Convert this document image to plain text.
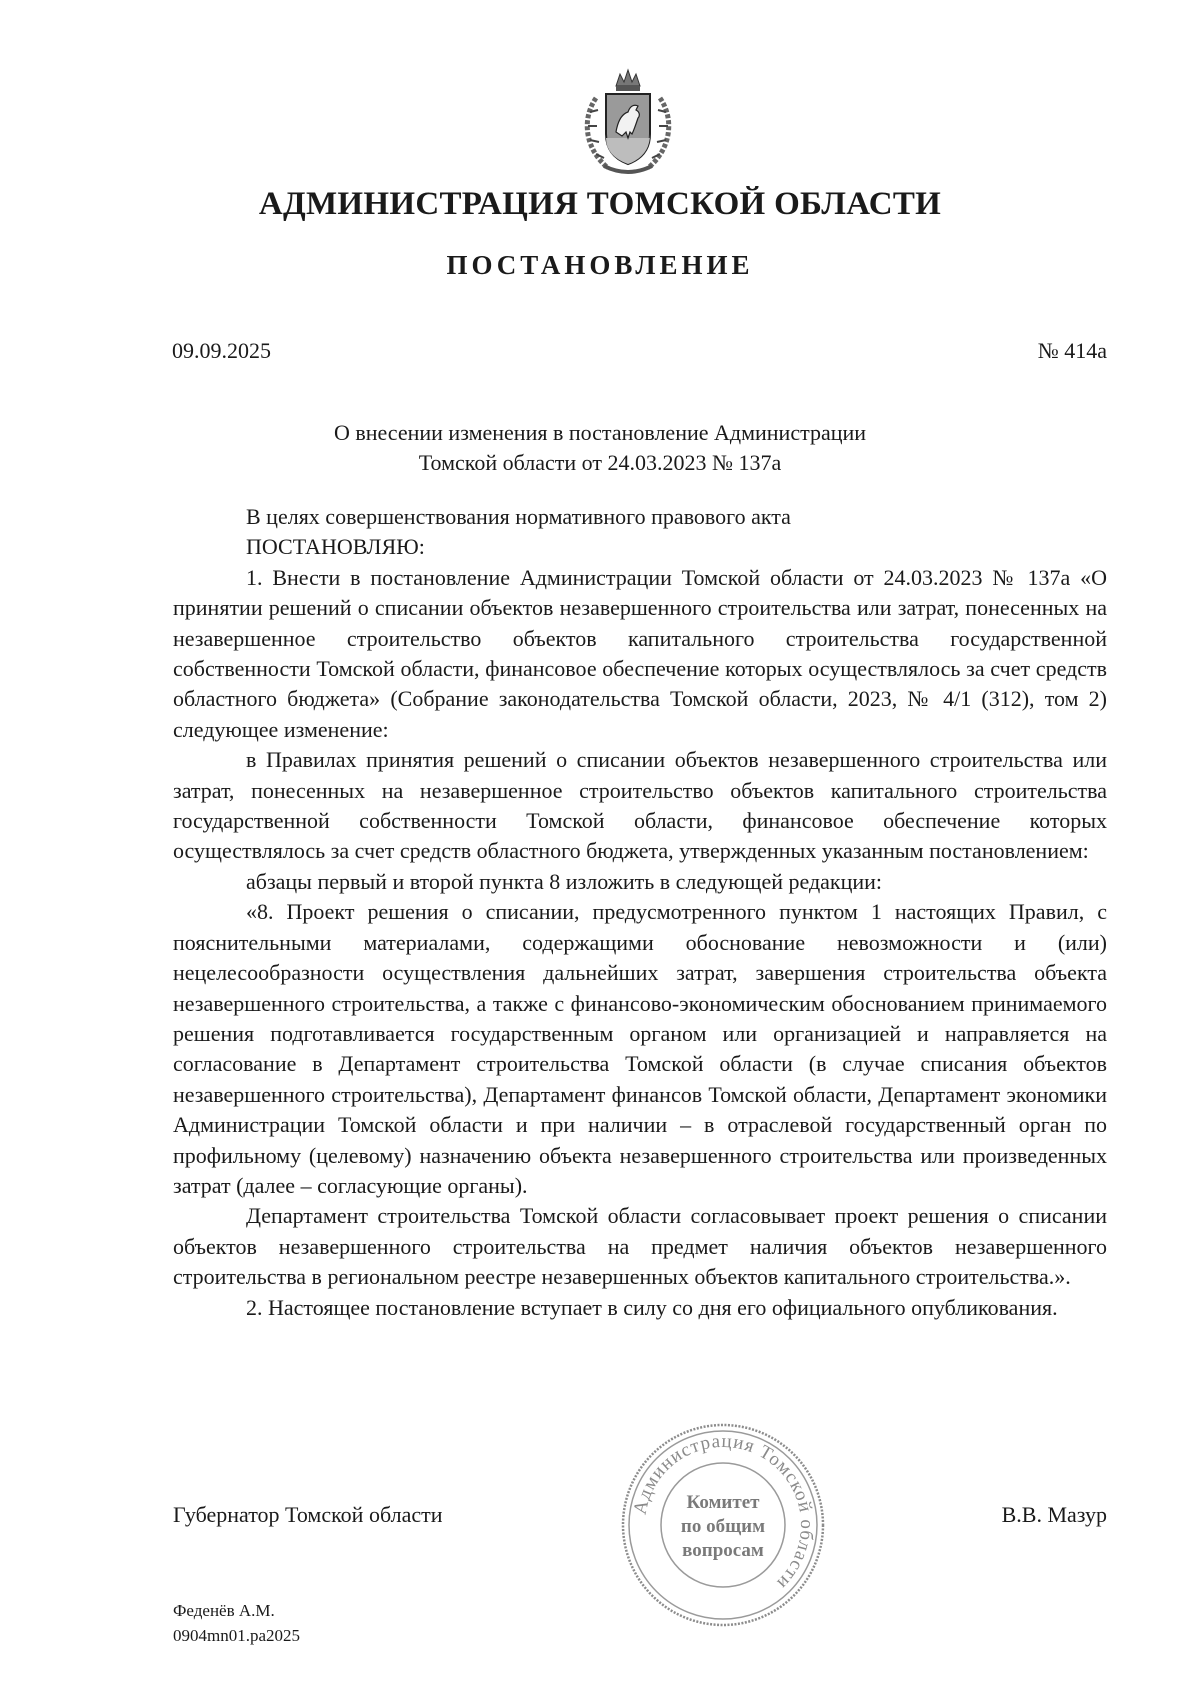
АДМИНИСТРАЦИЯ ТОМСКОЙ ОБЛАСТИ
ПОСТАНОВЛЕНИЕ
09.09.2025	№ 414а
О внесении изменения в постановление Администрации
Томской области от 24.03.2023 № 137а

В целях совершенствования нормативного правового акта

ПОСТАНОВЛЯЮ:

1. Внести в постановление Администрации Томской области от 24.03.2023 № 137а «О принятии решений о списании объектов незавершенного строительства или затрат, понесенных на незавершенное строительство объектов капитального строительства государственной собственности Томской области, финансовое обеспечение которых осуществлялось за счет средств областного бюджета» (Собрание законодательства Томской области, 2023, № 4/1 (312), том 2) следующее изменение:

в Правилах принятия решений о списании объектов незавершенного строительства или затрат, понесенных на незавершенное строительство объектов капитального строительства государственной собственности Томской области, финансовое обеспечение которых осуществлялось за счет средств областного бюджета, утвержденных указанным постановлением:

абзацы первый и второй пункта 8 изложить в следующей редакции:

«8. Проект решения о списании, предусмотренного пунктом 1 настоящих Правил, с пояснительными материалами, содержащими обоснование невозможности и (или) нецелесообразности осуществления дальнейших затрат, завершения строительства объекта незавершенного строительства, а также с финансово-экономическим обоснованием принимаемого решения подготавливается государственным органом или организацией и направляется на согласование в Департамент строительства Томской области (в случае списания объектов незавершенного строительства), Департамент финансов Томской области, Департамент экономики Администрации Томской области и при наличии – в отраслевой государственный орган по профильному (целевому) назначению объекта незавершенного строительства или произведенных затрат (далее – согласующие органы).

Департамент строительства Томской области согласовывает проект решения о списании объектов незавершенного строительства на предмет наличия объектов незавершенного строительства в региональном реестре незавершенных объектов капитального строительства.».

2. Настоящее постановление вступает в силу со дня его официального опубликования.

Губернатор Томской области	В.В. Мазур
Администрация Томской области
Комитет
по общим
вопросам
Феденёв А.М.
0904mn01.pa2025
